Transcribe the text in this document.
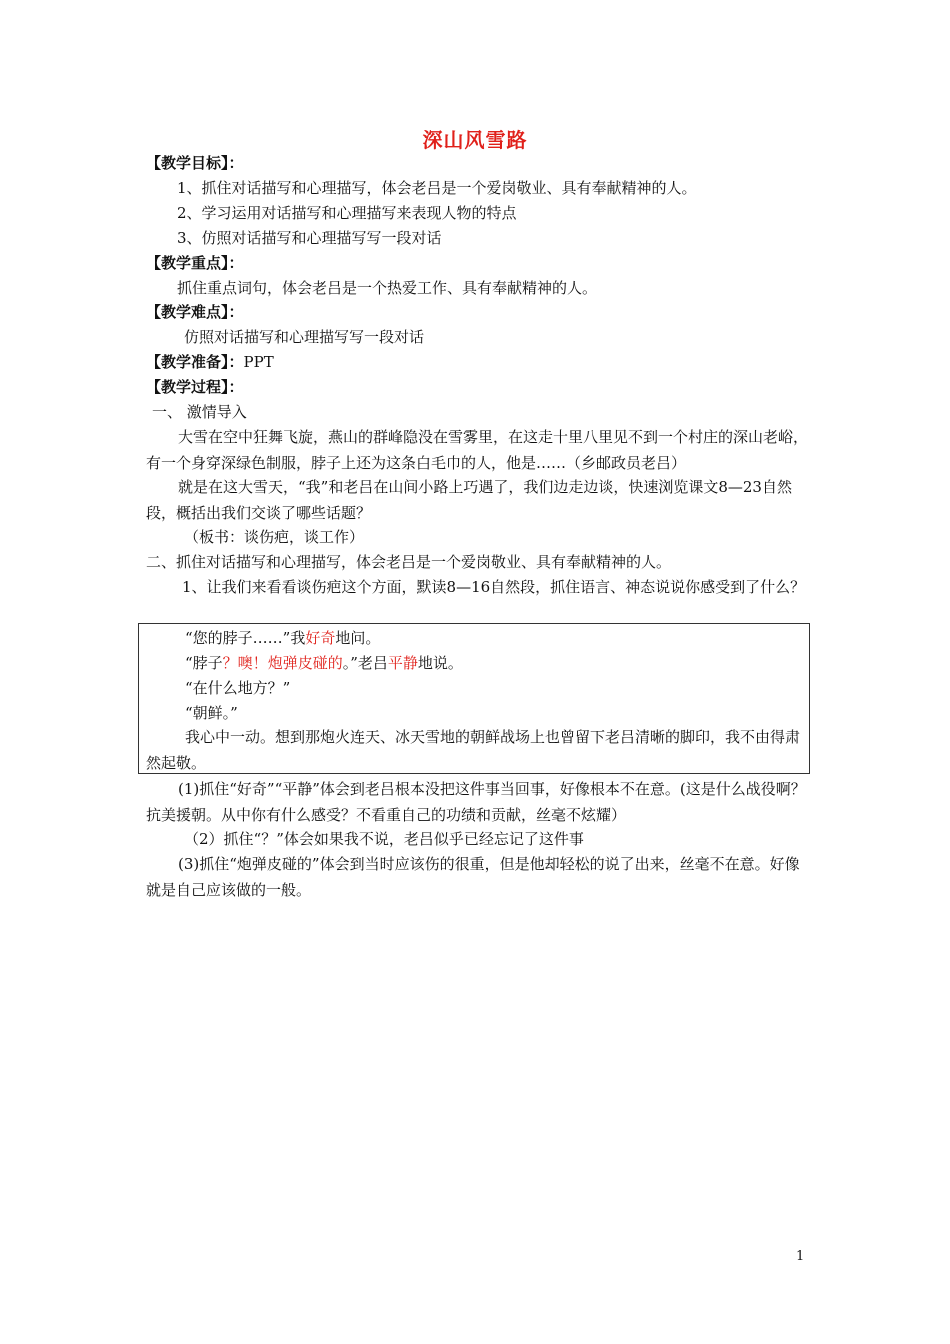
深山风雪路
【教学目标】：
1、抓住对话描写和心理描写，体会老吕是一个爱岗敬业、具有奉献精神的人。
2、学习运用对话描写和心理描写来表现人物的特点
3、仿照对话描写和心理描写写一段对话
【教学重点】：
抓住重点词句，体会老吕是一个热爱工作、具有奉献精神的人。
【教学难点】：
仿照对话描写和心理描写写一段对话
【教学准备】：PPT
【教学过程】：
一、 激情导入
大雪在空中狂舞飞旋，燕山的群峰隐没在雪雾里，在这走十里八里见不到一个村庄的深山老峪，有一个身穿深绿色制服，脖子上还为这条白毛巾的人，他是……（乡邮政员老吕）
就是在这大雪天，“我”和老吕在山间小路上巧遇了，我们边走边谈，快速浏览课文8—23自然段，概括出我们交谈了哪些话题？
（板书：谈伤疤，谈工作）
二、抓住对话描写和心理描写，体会老吕是一个爱岗敬业、具有奉献精神的人。
1、让我们来看看谈伤疤这个方面，默读8—16自然段，抓住语言、神态说说你感受到了什么？
“您的脖子……”我好奇地问。
“脖子？噢！炮弹皮碰的。”老吕平静地说。
“在什么地方？”
“朝鲜。”
我心中一动。想到那炮火连天、冰天雪地的朝鲜战场上也曾留下老吕清晰的脚印，我不由得肃然起敬。
(1)抓住“好奇”“平静”体会到老吕根本没把这件事当回事，好像根本不在意。(这是什么战役啊？抗美援朝。从中你有什么感受？不看重自己的功绩和贡献，丝毫不炫耀）
（2）抓住“？”体会如果我不说，老吕似乎已经忘记了这件事
(3)抓住“炮弹皮碰的”体会到当时应该伤的很重，但是他却轻松的说了出来，丝毫不在意。好像就是自己应该做的一般。
1
